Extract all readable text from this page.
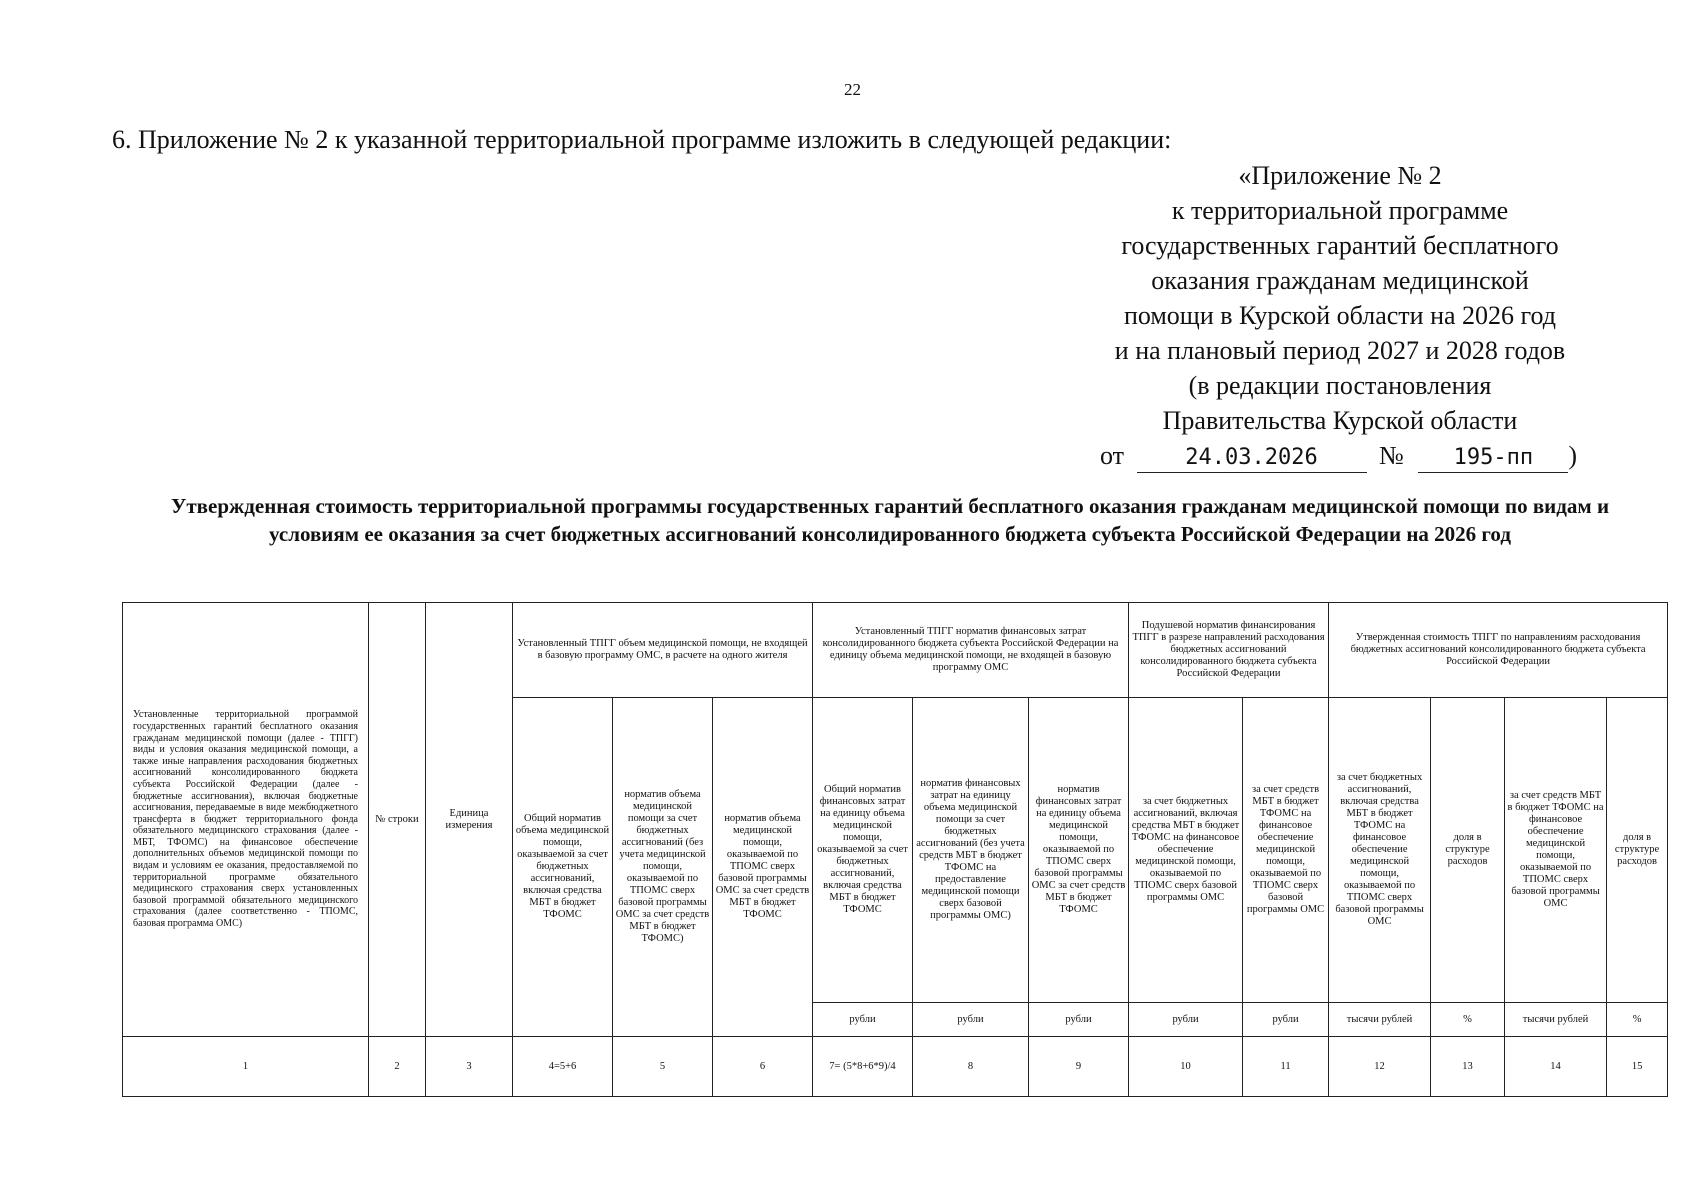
22
6. Приложение № 2 к указанной территориальной программе изложить в следующей редакции:
«Приложение № 2
к территориальной программе
государственных гарантий бесплатного
оказания гражданам медицинской
помощи в Курской области на 2026 год
и на плановый период 2027 и 2028 годов
(в редакции постановления
Правительства Курской области
от	24.03.2026 № 195-пп )
Утвержденная стоимость территориальной программы государственных гарантий бесплатного оказания гражданам медицинской помощи по видам и условиям ее оказания за счет бюджетных ассигнований консолидированного бюджета субъекта Российской Федерации на 2026 год
Установленные территориальной программой государственных гарантий бесплатного оказания гражданам медицинской помощи (далее - ТПГГ) виды и условия оказания медицинской помощи, а также иные направления расходования бюджетных ассигнований консолидированного бюджета субъекта Российской Федерации (далее - бюджетные ассигнования), включая бюджетные ассигнования, передаваемые в виде межбюджетного трансферта в бюджет территориального фонда обязательного медицинского страхования (далее - МБТ, ТФОМС) на финансовое обеспечение дополнительных объемов медицинской помощи по видам и условиям ее оказания, предоставляемой по территориальной программе обязательного медицинского страхования сверх установленных базовой программой обязательного медицинского страхования (далее соответственно - ТПОМС, базовая программа ОМС)	№ строки	Единица измерения	Установленный ТПГГ объем медицинской помощи, не входящей в базовую программу ОМС, в расчете на одного жителя			Установленный ТПГГ норматив финансовых затрат консолидированного бюджета субъекта Российской Федерации на единицу объема медицинской помощи, не входящей в базовую программу ОМС			Подушевой норматив финансирования ТПГГ в разрезе направлений расходования бюджетных ассигнований консолидированного бюджета субъекта Российской Федерации		Утвержденная стоимость ТПГГ по направлениям расходования бюджетных ассигнований консолидированного бюджета субъекта Российской Федерации			
			Общий норматив объема медицинской помощи, оказываемой за счет бюджетных ассигнований, включая средства МБТ в бюджет ТФОМС	норматив объема медицинской помощи за счет бюджетных ассигнований (без учета медицинской помощи, оказываемой по ТПОМС сверх базовой программы ОМС за счет средств МБТ в бюджет ТФОМС)	норматив объема медицинской помощи, оказываемой по ТПОМС сверх базовой программы ОМС за счет средств МБТ в бюджет ТФОМС	Общий норматив финансовых затрат на единицу объема медицинской помощи, оказываемой за счет бюджетных ассигнований, включая средства МБТ в бюджет ТФОМС	норматив финансовых затрат на единицу объема медицинской помощи за счет бюджетных ассигнований (без учета средств МБТ в бюджет ТФОМС на предоставление медицинской помощи сверх базовой программы ОМС)	норматив финансовых затрат на единицу объема медицинской помощи, оказываемой по ТПОМС сверх базовой программы ОМС за счет средств МБТ в бюджет ТФОМС	за счет бюджетных ассигнований, включая средства МБТ в бюджет ТФОМС на финансовое обеспечение медицинской помощи, оказываемой по ТПОМС сверх базовой программы ОМС	за счет средств МБТ в бюджет ТФОМС на финансовое обеспечение медицинской помощи, оказываемой по ТПОМС сверх базовой программы ОМС	за счет бюджетных ассигнований, включая средства МБТ в бюджет ТФОМС на финансовое обеспечение медицинской помощи, оказываемой по ТПОМС сверх базовой программы ОМС	доля в структуре расходов	за счет средств МБТ в бюджет ТФОМС на финансовое обеспечение медицинской помощи, оказываемой по ТПОМС сверх базовой программы ОМС	доля в структуре расходов
						рубли	рубли	рубли	рубли	рубли	тысячи рублей	%	тысячи рублей	%
1	2	3	4=5+6	5	6	7= (5*8+6*9)/4	8	9	10	11	12	13	14	15
